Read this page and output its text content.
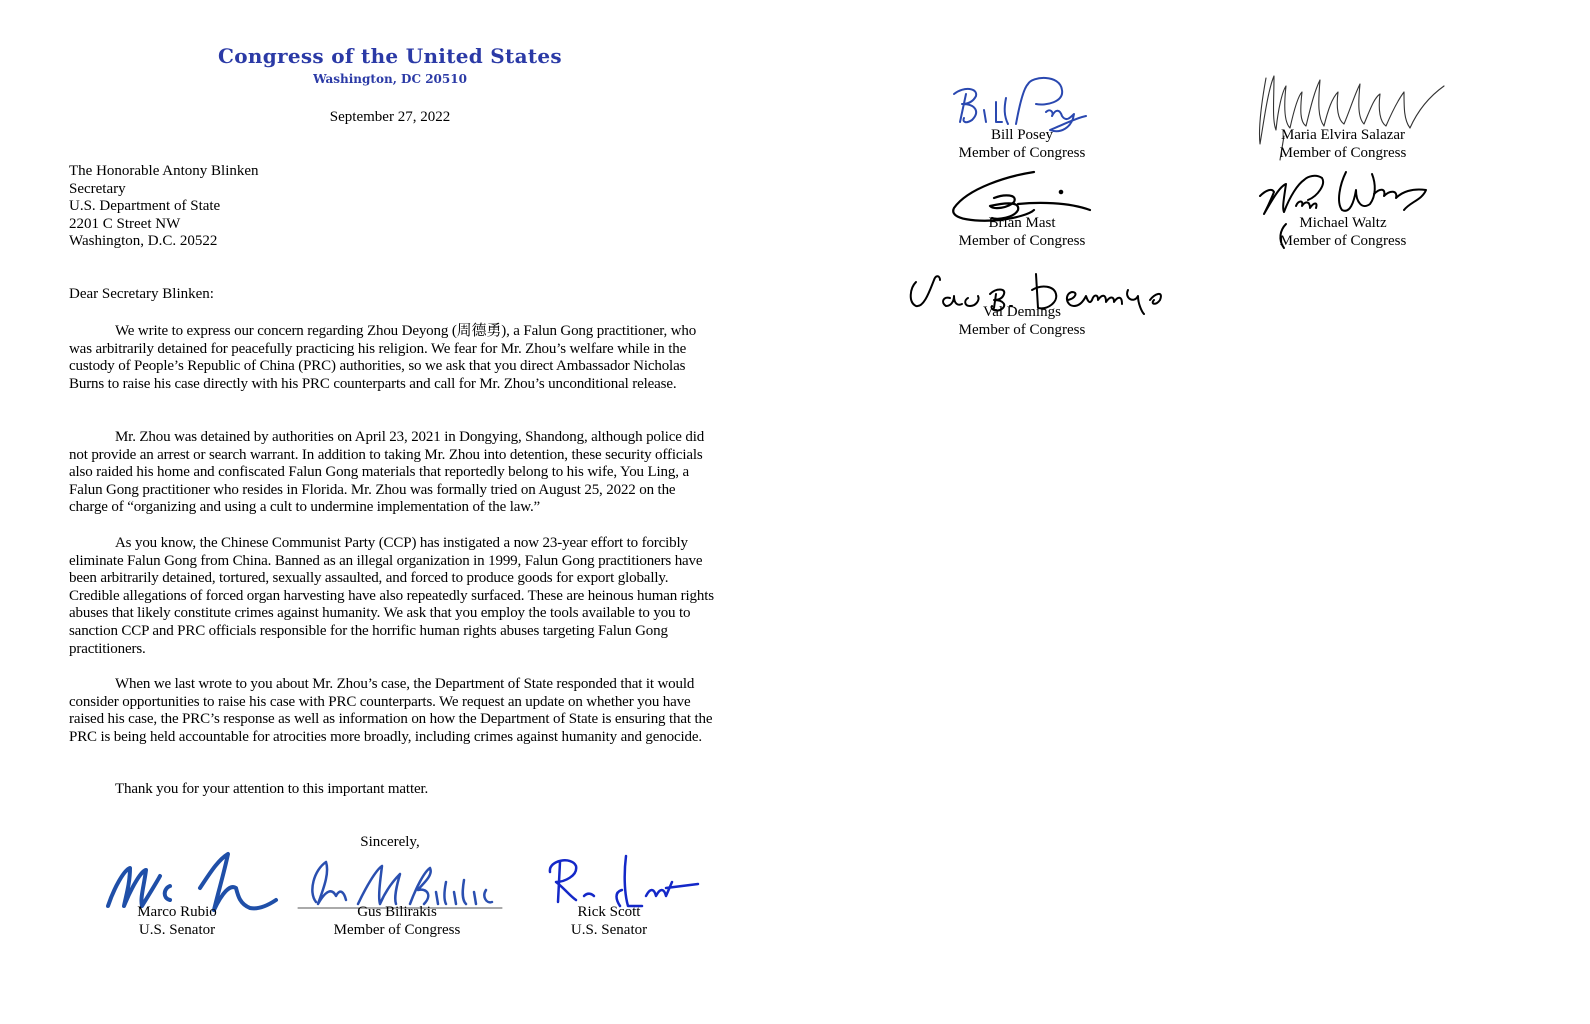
Congress of the United States
Washington, DC 20510
September 27, 2022
The Honorable Antony Blinken
Secretary
U.S. Department of State
2201 C Street NW
Washington, D.C. 20522
Dear Secretary Blinken:
We write to express our concern regarding Zhou Deyong (周德勇), a Falun Gong practitioner, who was arbitrarily detained for peacefully practicing his religion. We fear for Mr. Zhou’s welfare while in the custody of People’s Republic of China (PRC) authorities, so we ask that you direct Ambassador Nicholas Burns to raise his case directly with his PRC counterparts and call for Mr. Zhou’s unconditional release.
Mr. Zhou was detained by authorities on April 23, 2021 in Dongying, Shandong, although police did not provide an arrest or search warrant. In addition to taking Mr. Zhou into detention, these security officials also raided his home and confiscated Falun Gong materials that reportedly belong to his wife, You Ling, a Falun Gong practitioner who resides in Florida. Mr. Zhou was formally tried on August 25, 2022 on the charge of “organizing and using a cult to undermine implementation of the law.”
As you know, the Chinese Communist Party (CCP) has instigated a now 23-year effort to forcibly eliminate Falun Gong from China. Banned as an illegal organization in 1999, Falun Gong practitioners have been arbitrarily detained, tortured, sexually assaulted, and forced to produce goods for export globally. Credible allegations of forced organ harvesting have also repeatedly surfaced. These are heinous human rights abuses that likely constitute crimes against humanity. We ask that you employ the tools available to you to sanction CCP and PRC officials responsible for the horrific human rights abuses targeting Falun Gong practitioners.
When we last wrote to you about Mr. Zhou’s case, the Department of State responded that it would consider opportunities to raise his case with PRC counterparts. We request an update on whether you have raised his case, the PRC’s response as well as information on how the Department of State is ensuring that the PRC is being held accountable for atrocities more broadly, including crimes against humanity and genocide.
Thank you for your attention to this important matter.
Sincerely,
Marco Rubio
U.S. Senator
Gus Bilirakis
Member of Congress
Rick Scott
U.S. Senator
Bill Posey
Member of Congress
Maria Elvira Salazar
Member of Congress
Brian Mast
Member of Congress
Michael Waltz
Member of Congress
Val Demings
Member of Congress
